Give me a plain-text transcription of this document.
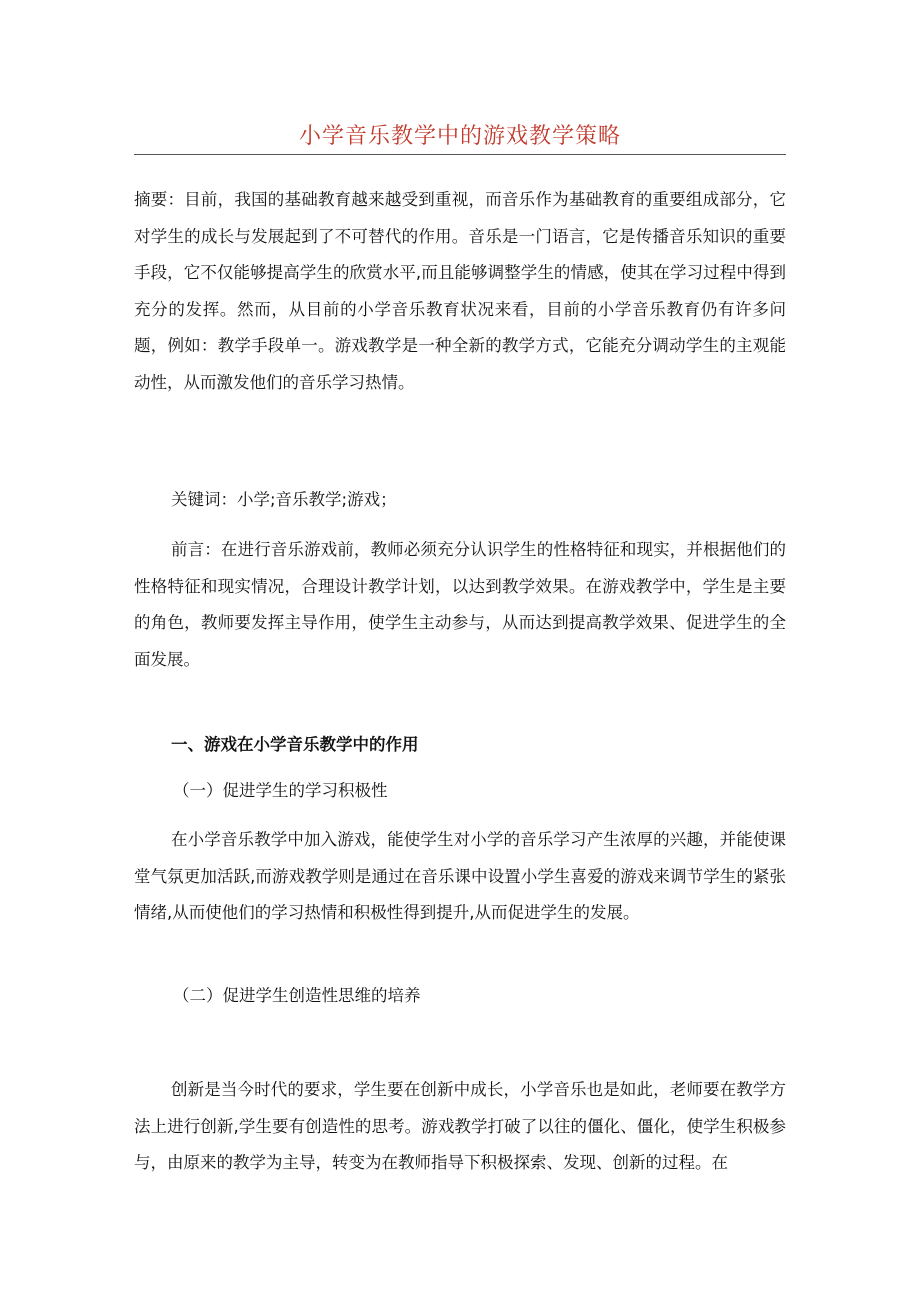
小学音乐教学中的游戏教学策略

摘要：目前，我国的基础教育越来越受到重视，而音乐作为基础教育的重要组成部分，它对学生的成长与发展起到了不可替代的作用。音乐是一门语言，它是传播音乐知识的重要手段，它不仅能够提高学生的欣赏水平,而且能够调整学生的情感，使其在学习过程中得到充分的发挥。然而，从目前的小学音乐教育状况来看，目前的小学音乐教育仍有许多问题，例如：教学手段单一。游戏教学是一种全新的教学方式，它能充分调动学生的主观能动性，从而激发他们的音乐学习热情。

关键词：小学;音乐教学;游戏；

前言：在进行音乐游戏前，教师必须充分认识学生的性格特征和现实，并根据他们的性格特征和现实情况，合理设计教学计划，以达到教学效果。在游戏教学中，学生是主要的角色，教师要发挥主导作用，使学生主动参与，从而达到提高教学效果、促进学生的全面发展。

一、游戏在小学音乐教学中的作用

（一）促进学生的学习积极性

在小学音乐教学中加入游戏，能使学生对小学的音乐学习产生浓厚的兴趣，并能使课堂气氛更加活跃,而游戏教学则是通过在音乐课中设置小学生喜爱的游戏来调节学生的紧张情绪,从而使他们的学习热情和积极性得到提升,从而促进学生的发展。

（二）促进学生创造性思维的培养

创新是当今时代的要求，学生要在创新中成长，小学音乐也是如此，老师要在教学方法上进行创新,学生要有创造性的思考。游戏教学打破了以往的僵化、僵化，使学生积极参与，由原来的教学为主导，转变为在教师指导下积极探索、发现、创新的过程。在
